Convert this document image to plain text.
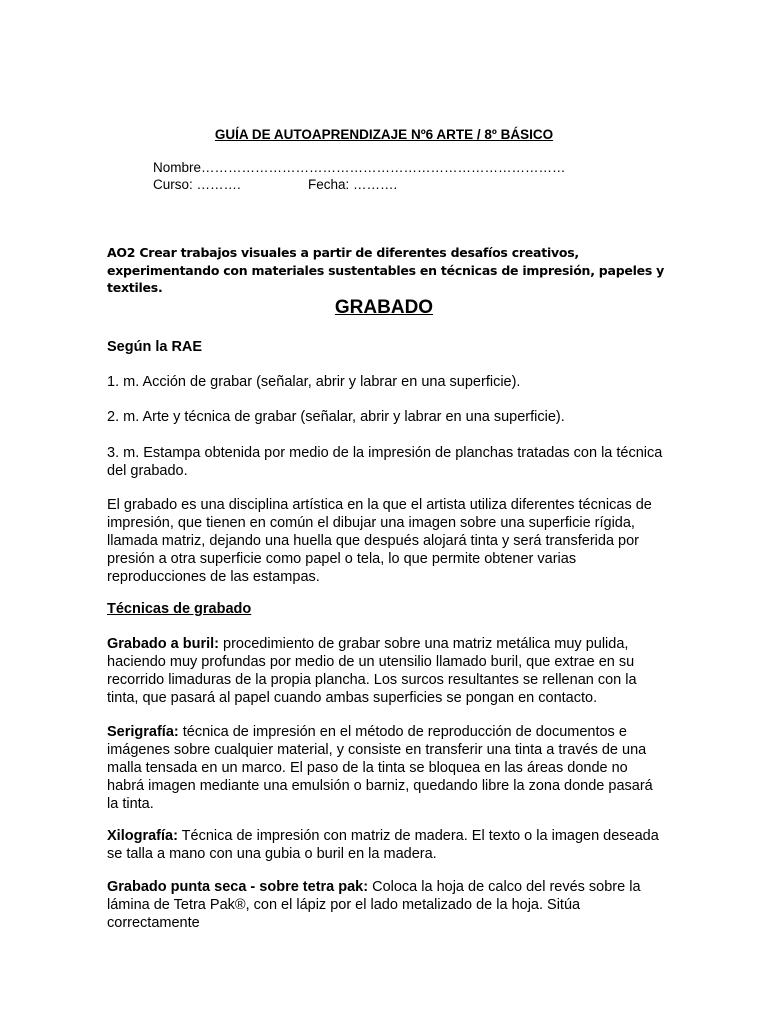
GUÍA DE AUTOAPRENDIZAJE Nº6 ARTE / 8º BÁSICO
Nombre………………………………………………………………………
Curso: ……….	Fecha: ……….
AO2 Crear trabajos visuales a partir de diferentes desafíos creativos, experimentando con materiales sustentables en técnicas de impresión, papeles y textiles.
GRABADO
Según la RAE
1. m. Acción de grabar (señalar, abrir y labrar en una superficie).
2. m. Arte y técnica de grabar (señalar, abrir y labrar en una superficie).
3. m. Estampa obtenida por medio de la impresión de planchas tratadas con la técnica del grabado.
El grabado es una disciplina artística en la que el artista utiliza diferentes técnicas de impresión, que tienen en común el dibujar una imagen sobre una superficie rígida, llamada matriz, dejando una huella que después alojará tinta y será transferida por presión a otra superficie como papel o tela, lo que permite obtener varias reproducciones de las estampas.
Técnicas de grabado
Grabado a buril: procedimiento de grabar sobre una matriz metálica muy pulida, haciendo muy profundas por medio de un utensilio llamado buril, que extrae en su recorrido limaduras de la propia plancha. Los surcos resultantes se rellenan con la tinta, que pasará al papel cuando ambas superficies se pongan en contacto.
Serigrafía: técnica de impresión en el método de reproducción de documentos e imágenes sobre cualquier material, y consiste en transferir una tinta a través de una malla tensada en un marco. El paso de la tinta se bloquea en las áreas donde no habrá imagen mediante una emulsión o barniz, quedando libre la zona donde pasará la tinta.
Xilografía: Técnica de impresión con matriz de madera. El texto o la imagen deseada se talla a mano con una gubia o buril en la madera.
Grabado punta seca - sobre tetra pak: Coloca la hoja de calco del revés sobre la lámina de Tetra Pak®, con el lápiz por el lado metalizado de la hoja. Sitúa correctamente
